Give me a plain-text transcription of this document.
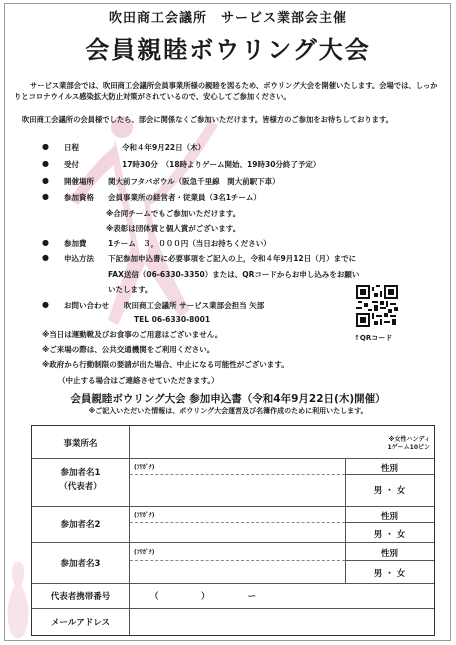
吹田商工会議所　サービス業部会主催
会員親睦ボウリング大会
サービス業部会では、吹田商工会議所会員事業所様の親睦を図るため、ボウリング大会を開催いたします。会場では、しっかりとコロナウイルス感染拡大防止対策がされているので、安心してご参加ください。
吹田商工会議所の会員様でしたら、部会に関係なくご参加いただけます。皆様方のご参加をお待ちしております。
● 日程	令和４年9月22日（木）
● 受付	17時30分　（18時よりゲーム開始、19時30分終了予定）
● 開催場所 関大前フタバボウル（阪急千里線　関大前駅下車）
● 参加資格 会員事業所の経営者・従業員（3名1チーム）
※合同チームでもご参加いただけます。
※表彰は団体賞と個人賞がございます。
● 参加費	1チーム　３，０００円（当日お持ちください）
● 申込方法 下記参加申込書に必要事項をご記入の上，令和４年9月12日（月）までに
FAX送信（06-6330-3350）または、QRコードからお申し込みをお願い
いたします。
● お問い合わせ 吹田商工会議所 サービス業部会担当 矢部
TEL 06-6330-8001
※当日は運動靴及びお食事のご用意はございません。
※ご来場の際は、公共交通機関をご利用ください。
※政府から行動制限の要請が出た場合、中止になる可能性がございます。
（中止する場合はご連絡させていただきます。）
↑QRコード
会員親睦ボウリング大会 参加申込書（令和4年9月22日(木)開催）
※ご記入いただいた情報は、ボウリング大会運営及び名簿作成のために利用いたします。
事業所名	※女性ハンディ
1ゲーム10ピン
参加者名1
（代表者）
(ﾌﾘｶﾞﾅ)	性別
男 ・ 女
参加者名2
(ﾌﾘｶﾞﾅ)	性別
男 ・ 女
参加者名3
(ﾌﾘｶﾞﾅ)	性別
男 ・ 女
代表者携帯番号	（　　　　　）　　　　　ー
メールアドレス
